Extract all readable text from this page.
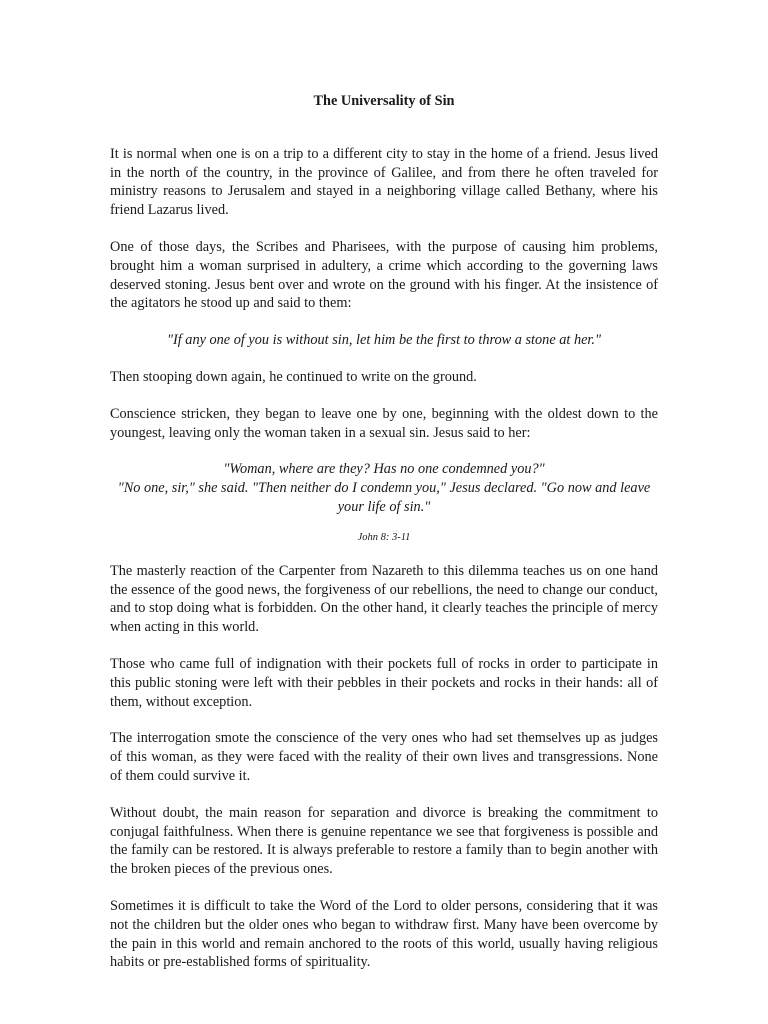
The Universality of Sin

It is normal when one is on a trip to a different city to stay in the home of a friend. Jesus lived in the north of the country, in the province of Galilee, and from there he often traveled for ministry reasons to Jerusalem and stayed in a neighboring village called Bethany, where his friend Lazarus lived.

One of those days, the Scribes and Pharisees, with the purpose of causing him problems, brought him a woman surprised in adultery, a crime which according to the governing laws deserved stoning. Jesus bent over and wrote on the ground with his finger. At the insistence of the agitators he stood up and said to them:

"If any one of you is without sin, let him be the first to throw a stone at her."

Then stooping down again, he continued to write on the ground.

Conscience stricken, they began to leave one by one, beginning with the oldest down to the youngest, leaving only the woman taken in a sexual sin. Jesus said to her:

"Woman, where are they? Has no one condemned you?"
"No one, sir," she said. "Then neither do I condemn you," Jesus declared. "Go now and leave your life of sin."
John 8: 3-11

The masterly reaction of the Carpenter from Nazareth to this dilemma teaches us on one hand the essence of the good news, the forgiveness of our rebellions, the need to change our conduct, and to stop doing what is forbidden. On the other hand, it clearly teaches the principle of mercy when acting in this world.

Those who came full of indignation with their pockets full of rocks in order to participate in this public stoning were left with their pebbles in their pockets and rocks in their hands: all of them, without exception.

The interrogation smote the conscience of the very ones who had set themselves up as judges of this woman, as they were faced with the reality of their own lives and transgressions. None of them could survive it.

Without doubt, the main reason for separation and divorce is breaking the commitment to conjugal faithfulness. When there is genuine repentance we see that forgiveness is possible and the family can be restored. It is always preferable to restore a family than to begin another with the broken pieces of the previous ones.

Sometimes it is difficult to take the Word of the Lord to older persons, considering that it was not the children but the older ones who began to withdraw first. Many have been overcome by the pain in this world and remain anchored to the roots of this world, usually having religious habits or pre-established forms of spirituality.
